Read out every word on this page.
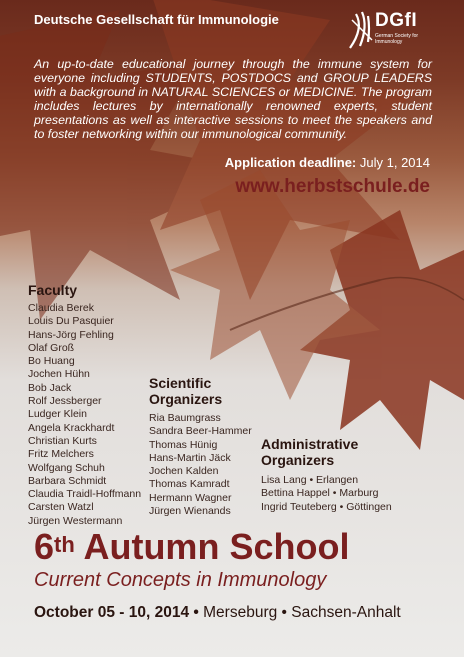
Deutsche Gesellschaft für Immunologie	DGfI
German Society for Immunology
An up-to-date educational journey through the immune system for everyone including STUDENTS, POSTDOCS and GROUP LEADERS with a background in NATURAL SCIENCES or MEDICINE. The program includes lectures by internationally renowned experts, student presentations as well as interactive sessions to meet the speakers and to foster networking within our immunological community.
Application deadline: July 1, 2014
www.herbstschule.de
Faculty
Claudia Berek
Louis Du Pasquier
Hans-Jörg Fehling
Olaf Groß
Bo Huang
Jochen Hühn
Bob Jack
Rolf Jessberger
Ludger Klein
Angela Krackhardt
Christian Kurts
Fritz Melchers
Wolfgang Schuh
Barbara Schmidt
Claudia Traidl-Hoffmann
Carsten Watzl
Jürgen Westermann
Scientific
Organizers
Ria Baumgrass
Sandra Beer-Hammer
Thomas Hünig
Hans-Martin Jäck
Jochen Kalden
Thomas Kamradt
Hermann Wagner
Jürgen Wienands
Administrative
Organizers
Lisa Lang • Erlangen
Bettina Happel • Marburg
Ingrid Teuteberg • Göttingen
6th Autumn School
Current Concepts in Immunology
October 05 - 10, 2014 • Merseburg • Sachsen-Anhalt
